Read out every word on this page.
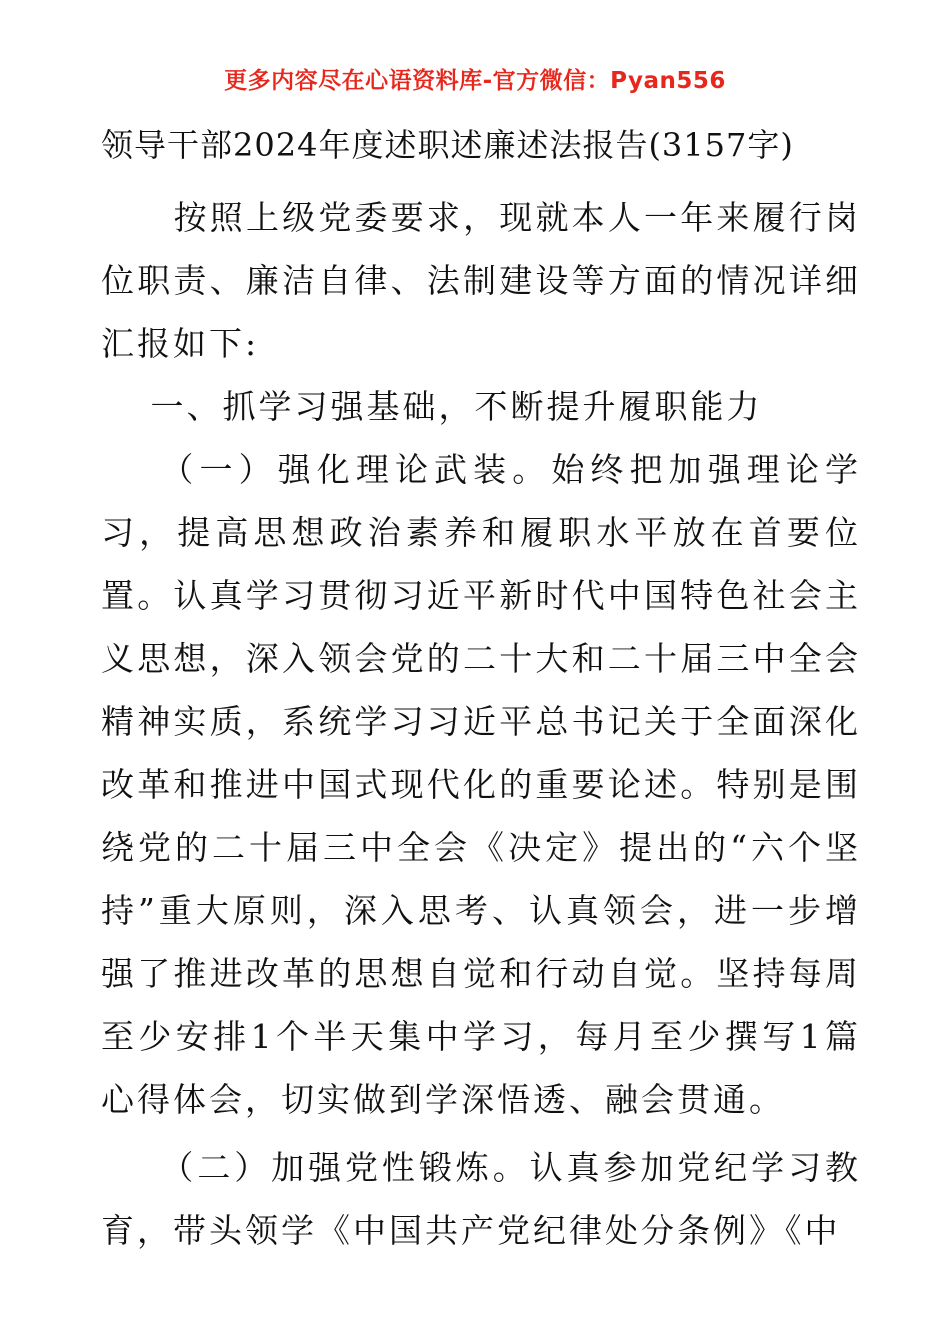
更多内容尽在心语资料库-官方微信：Pyan556
领导干部2024年度述职述廉述法报告(3157字)

按照上级党委要求，现就本人一年来履行岗位职责、廉洁自律、法制建设等方面的情况详细汇报如下:

一、抓学习强基础，不断提升履职能力

（一）强化理论武装。始终把加强理论学习，提高思想政治素养和履职水平放在首要位置。认真学习贯彻习近平新时代中国特色社会主义思想，深入领会党的二十大和二十届三中全会精神实质，系统学习习近平总书记关于全面深化改革和推进中国式现代化的重要论述。特别是围绕党的二十届三中全会《决定》提出的“六个坚持”重大原则，深入思考、认真领会，进一步增强了推进改革的思想自觉和行动自觉。坚持每周至少安排1个半天集中学习，每月至少撰写1篇心得体会，切实做到学深悟透、融会贯通。

（二）加强党性锻炼。认真参加党纪学习教育，带头领学《中国共产党纪律处分条例》《中
